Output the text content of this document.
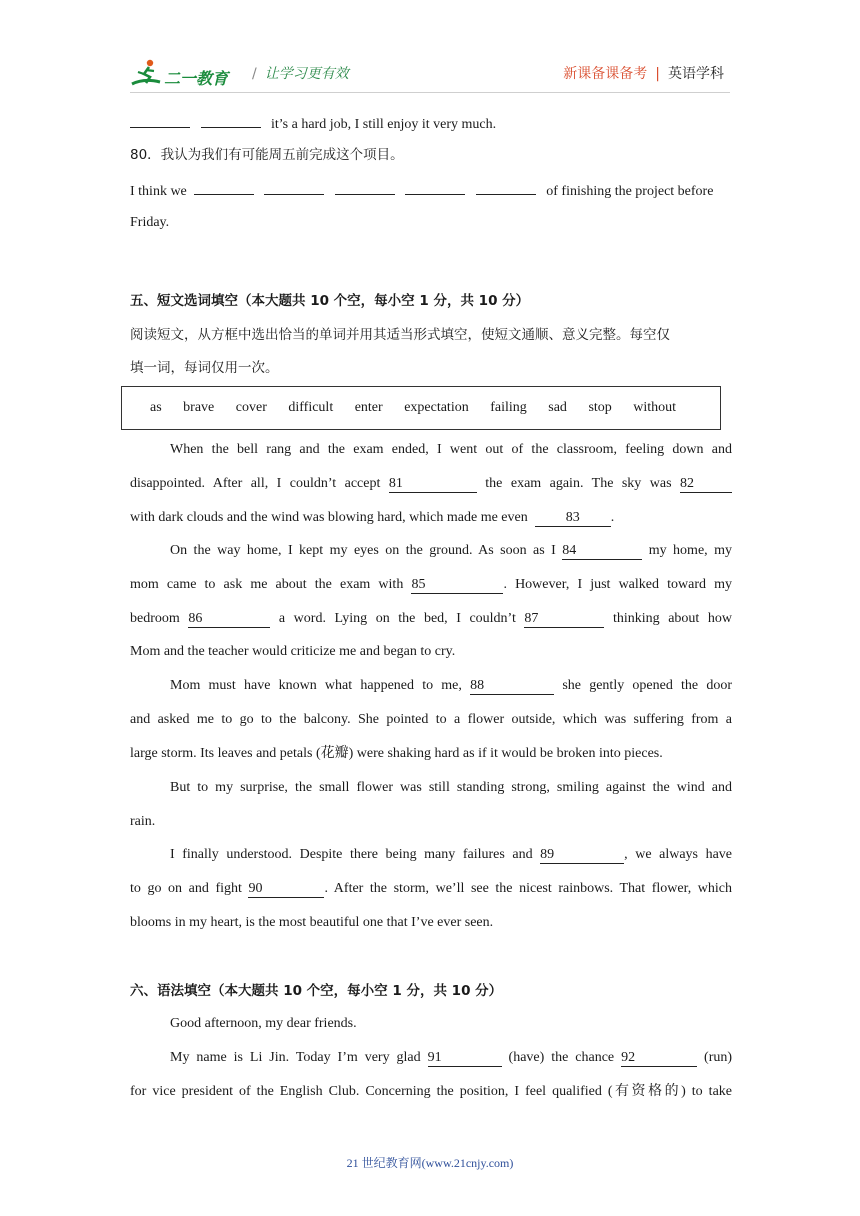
二一教育 / 让学习更有效	新课备课备考 | 英语学科
it’s a hard job, I still enjoy it very much.
80．我认为我们有可能周五前完成这个项目。
I think we	of finishing the project before
Friday.
五、短文选词填空（本大题共 10 个空，每小空 1 分，共 10 分）
阅读短文，从方框中选出恰当的单词并用其适当形式填空，使短文通顺、意义完整。每空仅
填一词，每词仅用一次。
as brave cover difficult enter expectation failing sad stop without
When the bell rang and the exam ended, I went out of the classroom, feeling down and
disappointed. After all, I couldn’t accept 81	the exam again. The sky was 82
with dark clouds and the wind was blowing hard, which made me even	83 .
On the way home, I kept my eyes on the ground. As soon as I 84	my home, my
mom came to ask me about the exam with 85	. However, I just walked toward my
bedroom 86	a word. Lying on the bed, I couldn’t 87	thinking about how
Mom and the teacher would criticize me and began to cry.
Mom must have known what happened to me, 88	she gently opened the door
and asked me to go to the balcony. She pointed to a flower outside, which was suffering from a
large storm. Its leaves and petals (花瓣) were shaking hard as if it would be broken into pieces.
But to my surprise, the small flower was still standing strong, smiling against the wind and
rain.
I finally understood. Despite there being many failures and 89	, we always have
to go on and fight 90	. After the storm, we’ll see the nicest rainbows. That flower, which
blooms in my heart, is the most beautiful one that I’ve ever seen.
六、语法填空（本大题共 10 个空，每小空 1 分，共 10 分）
Good afternoon, my dear friends.
My name is Li Jin. Today I’m very glad 91	(have) the chance 92	(run)
for vice president of the English Club. Concerning the position, I feel qualified (有资格的) to take
21 世纪教育网(www.21cnjy.com)
